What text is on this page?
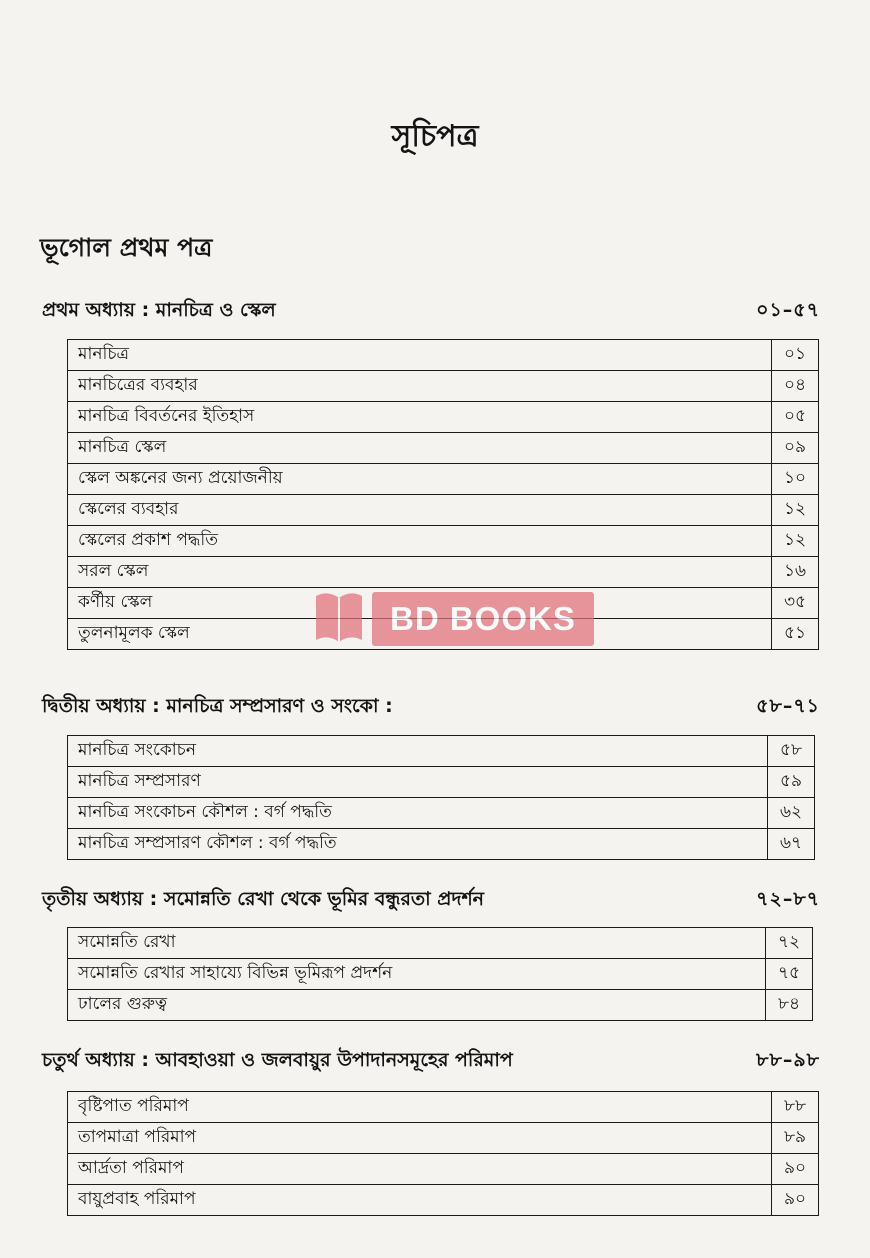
সূচিপত্র
ভূগোল প্রথম পত্র
প্রথম অধ্যায় : মানচিত্র ও স্কেল	০১–৫৭
মানচিত্র	০১
মানচিত্রের ব্যবহার	০৪
মানচিত্র বিবর্তনের ইতিহাস	০৫
মানচিত্র স্কেল	০৯
স্কেল অঙ্কনের জন্য প্রয়োজনীয়	১০
স্কেলের ব্যবহার	১২
স্কেলের প্রকাশ পদ্ধতি	১২
সরল স্কেল	১৬
কর্ণীয় স্কেল	৩৫
তুলনামূলক স্কেল	৫১
দ্বিতীয় অধ্যায় : মানচিত্র সম্প্রসারণ ও সংকো :	৫৮–৭১
মানচিত্র সংকোচন	৫৮
মানচিত্র সম্প্রসারণ	৫৯
মানচিত্র সংকোচন কৌশল : বর্গ পদ্ধতি	৬২
মানচিত্র সম্প্রসারণ কৌশল : বর্গ পদ্ধতি	৬৭
তৃতীয় অধ্যায় : সমোন্নতি রেখা থেকে ভূমির বন্ধুরতা প্রদর্শন	৭২–৮৭
সমোন্নতি রেখা	৭২
সমোন্নতি রেখার সাহায্যে বিভিন্ন ভূমিরূপ প্রদর্শন	৭৫
ঢালের গুরুত্ব	৮৪
চতুর্থ অধ্যায় : আবহাওয়া ও জলবায়ুর উপাদানসমূহের পরিমাপ	৮৮–৯৮
বৃষ্টিপাত পরিমাপ	৮৮
তাপমাত্রা পরিমাপ	৮৯
আর্দ্রতা পরিমাপ	৯০
বায়ুপ্রবাহ পরিমাপ	৯০
BD BOOKS
